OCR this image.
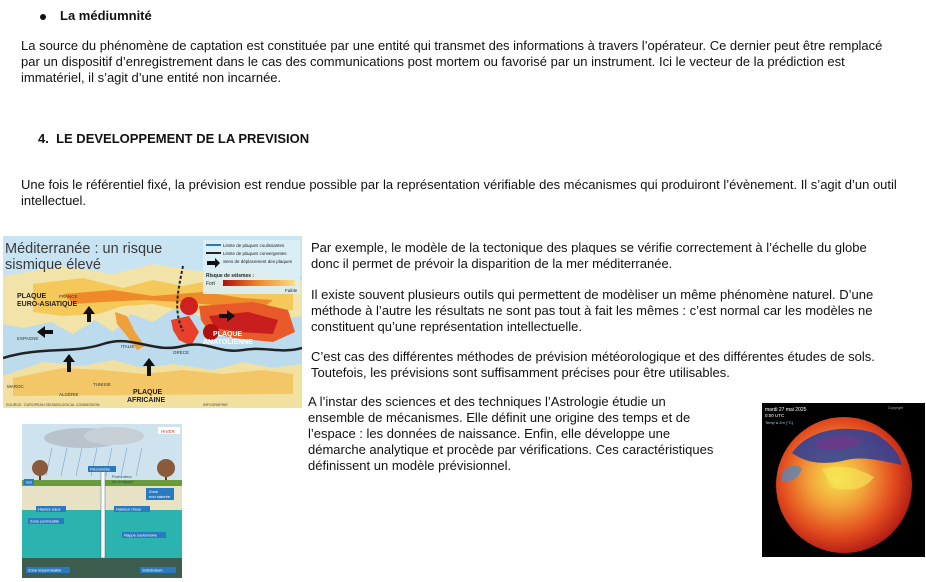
La médiumnité

La source du phénomène de captation est constituée par une entité qui transmet des informations à travers l’opérateur. Ce dernier peut être remplacé par un dispositif d’enregistrement dans le cas des communications post mortem ou favorisé par un instrument. Ici le vecteur de la prédiction est immatériel, il s’agit d’une entité non incarnée.

4. LE DEVELOPPEMENT DE LA PREVISION

Une fois le référentiel fixé, la prévision est rendue possible par la représentation vérifiable des mécanismes qui produiront l’évènement. Il s’agit d’un outil intellectuel.

Par exemple, le modèle de la tectonique des plaques se vérifie correctement à l’échelle du globe donc il permet de prévoir la disparition de la mer méditerranée.

Il existe souvent plusieurs outils qui permettent de modèliser un même phénomène naturel. D’une méthode à l’autre les résultats ne sont pas tout à fait les mêmes : c’est normal car les modèles ne constituent qu’une représentation intellectuelle.

C’est cas des différentes méthodes de prévision météorologique et des différentes études de sols. Toutefois, les prévisions sont suffisamment précises pour être utilisables.

A l’instar des sciences et des techniques l’Astrologie étudie un ensemble de mécanismes. Elle définit une origine des temps et de l’espace : les données de naissance. Enfin, elle développe une démarche analytique et procède par vérifications. Ces caractéristiques définissent un modèle prévisionnel.

Méditerranée : un risque
sismique élevé
Limite de plaques coulissantes
Limite de plaques convergentes
Sens de déplacement des plaques
Risque de séismes :
Fort
Faible
PLAQUE
EURO-ASIATIQUE
PLAQUE
ANATOLIENNE
PLAQUE
AFRICAINE
FRANCE
ESPAGNE
ITALIE
GRÈCE
MAROC
ALGÉRIE
TUNISIE
SOURCE : EUROPEAN SEISMOLOGICAL COMMISSION	INFOGRAPHIE
HIVER
Piézomètre
Profondeur
de la nappe
Sol
Zone
non saturée
Hautes eaux	Hauteur d'eau
Zone perméable
Nappe souterraine
Zone imperméable	Substratum
mardi 27 mai 2025
0:00 UTC
Temp à 2m (°C)
Copyright
